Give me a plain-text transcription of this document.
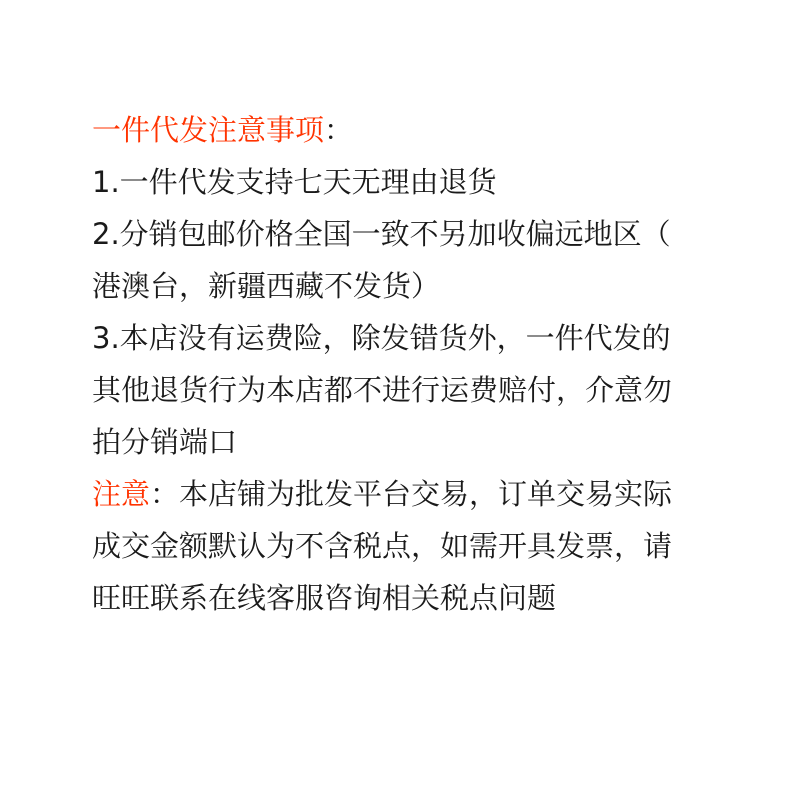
一件代发注意事项：
1.一件代发支持七天无理由退货
2.分销包邮价格全国一致不另加收偏远地区（
港澳台，新疆西藏不发货）
3.本店没有运费险，除发错货外，一件代发的
其他退货行为本店都不进行运费赔付，介意勿
拍分销端口
注意：本店铺为批发平台交易，订单交易实际
成交金额默认为不含税点，如需开具发票，请
旺旺联系在线客服咨询相关税点问题
